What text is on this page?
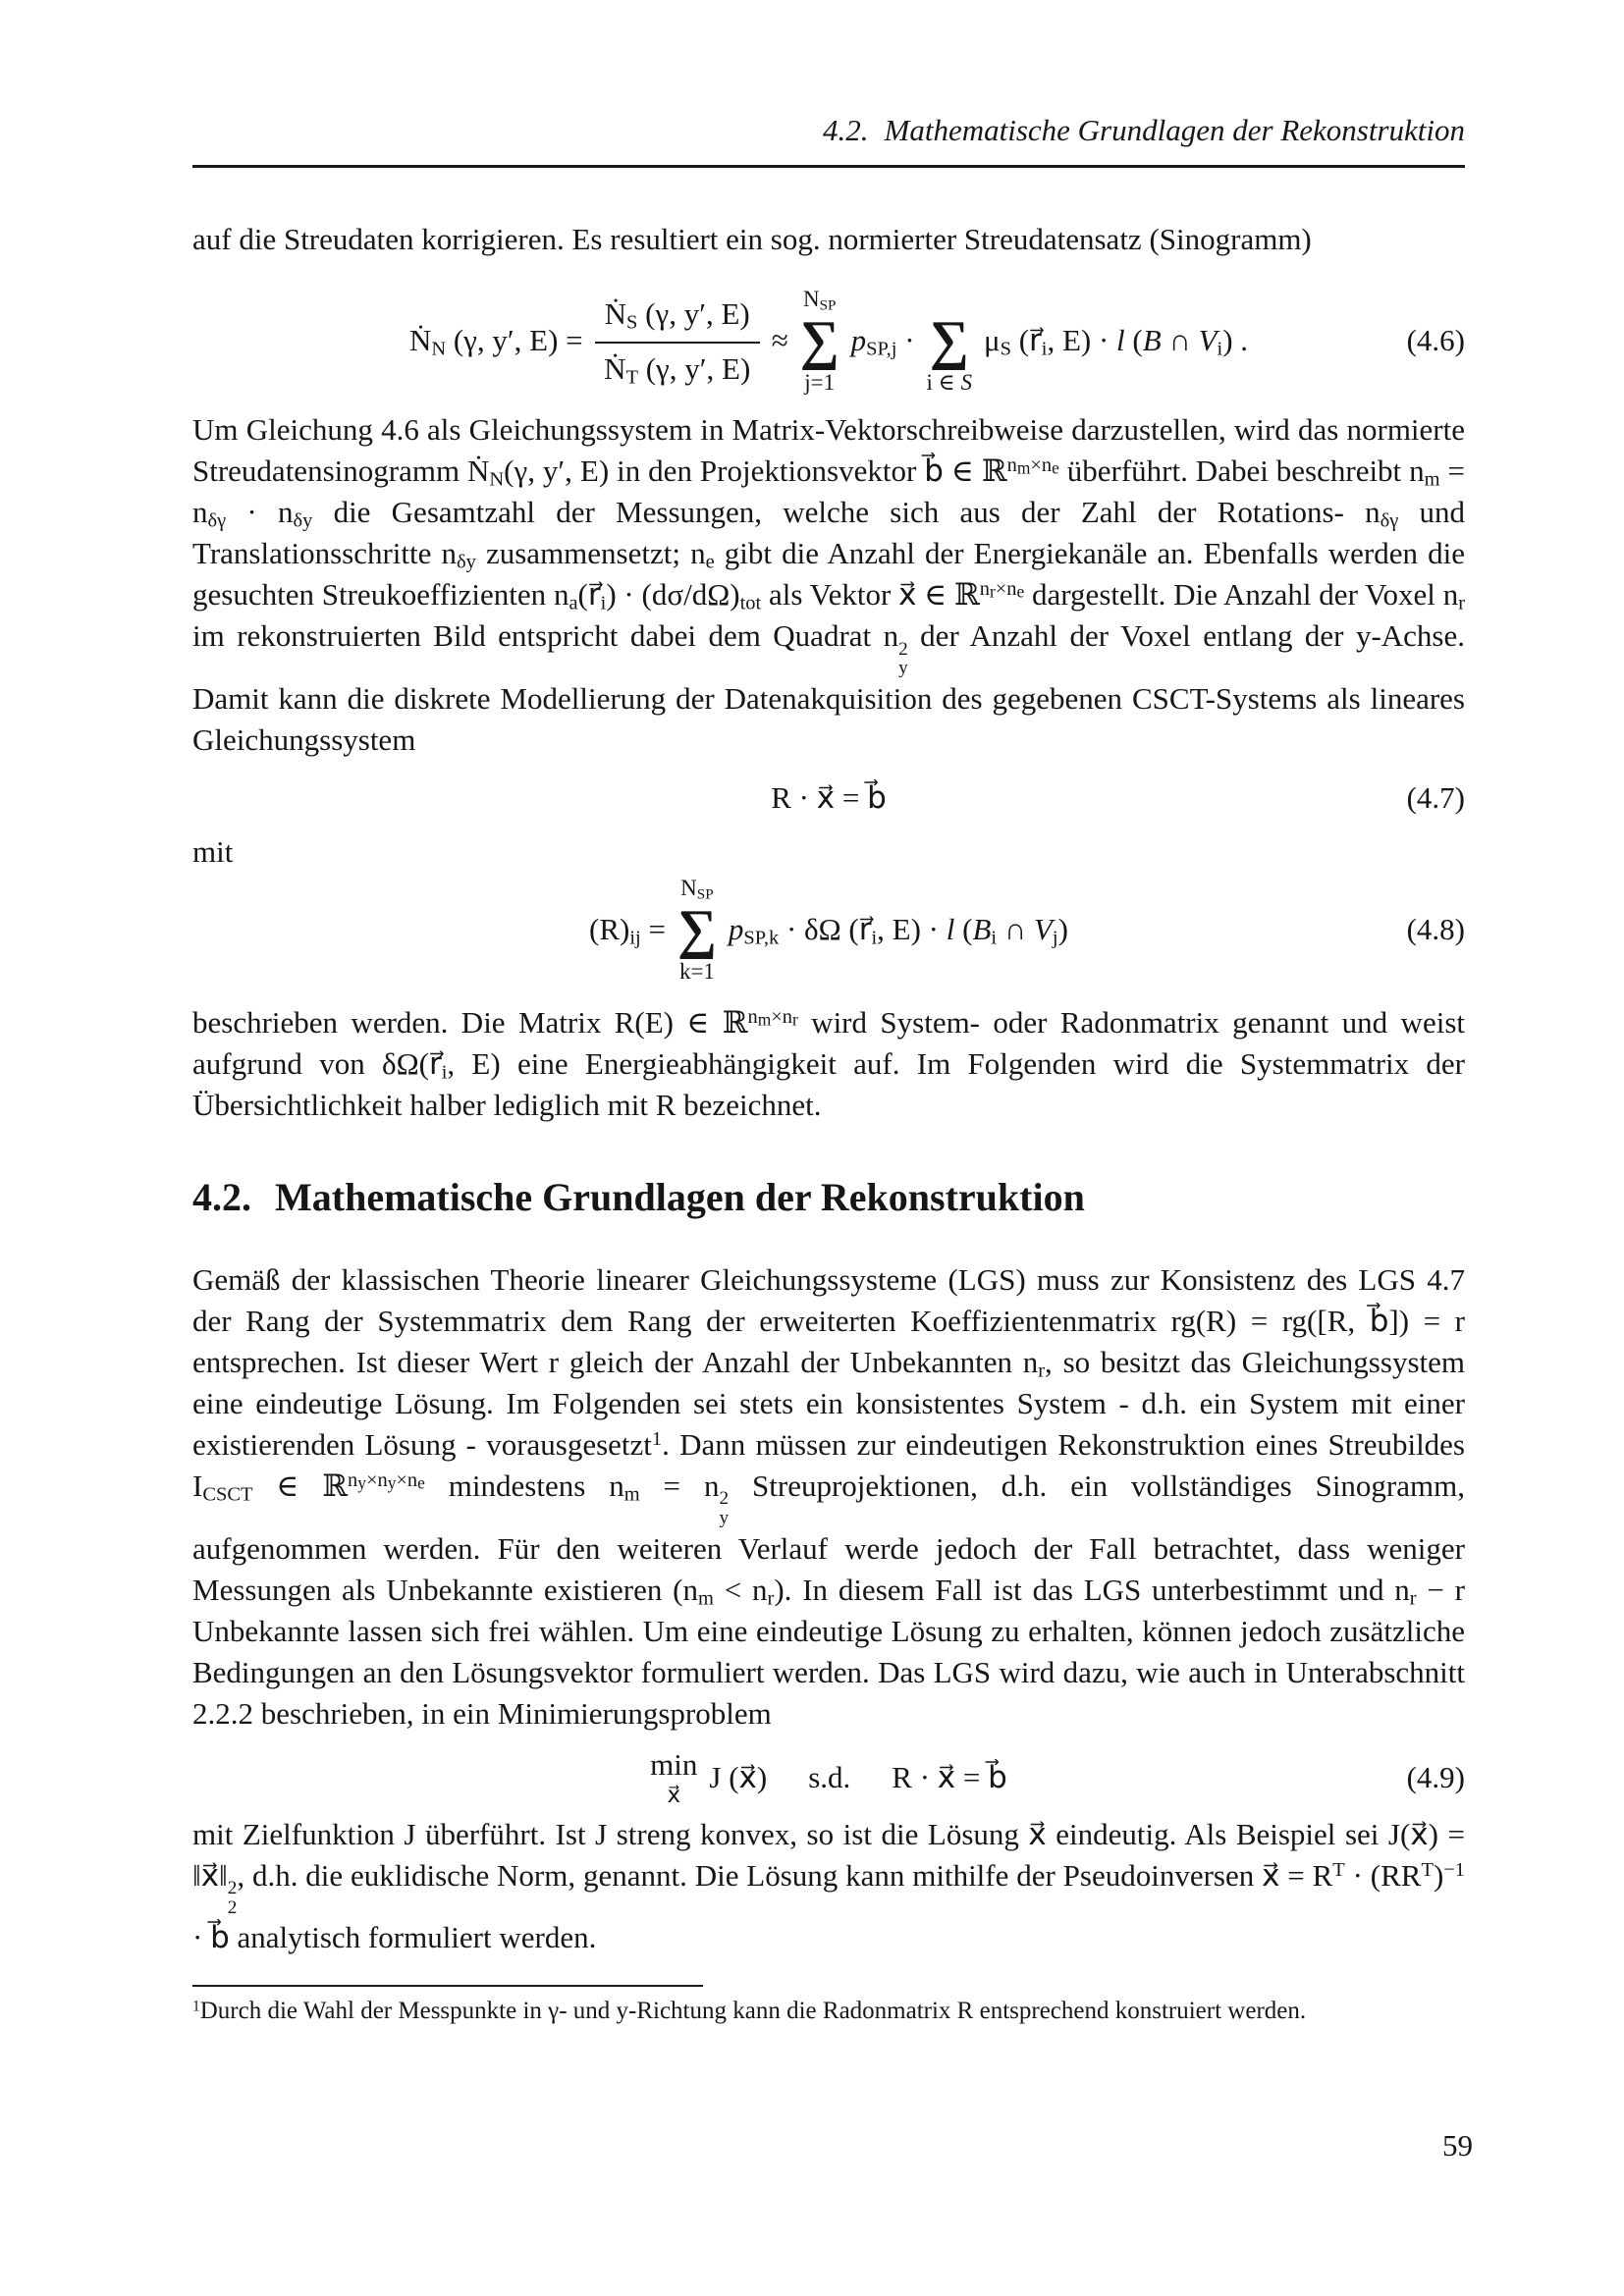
4.2. Mathematische Grundlagen der Rekonstruktion

auf die Streudaten korrigieren. Es resultiert ein sog. normierter Streudatensatz (Sinogramm)

Ṅ$_N$ (γ, y′, $E) = \frac{Ṅ_S (\gamma, y', E)}{Ṅ_T (\gamma, y', E)}$ ≈
$N_{SP}$
∑
j=1
$p_{SP,j}$ ·
∑
i ∈ S
$\mu_S$ ($r⃗_i$, E) · l (B ∩ $V_i$) .	(4.6)

Um Gleichung 4.6 als Gleichungssystem in Matrix-Vektorschreibweise darzustellen, wird das normierte Streudatensinogramm Ṅ$_N$(γ, y′, E) in den Projektionsvektor b⃗ ∈ ℝ$^{n_m\times n_e}$ überführt. Dabei beschreibt $n_m = n_{\delta\gamma} \cdot n_{\delta y}$ die Gesamtzahl der Messungen, welche sich aus der Zahl der Rotations- $n_{\delta\gamma}$ und Translationsschritte $n_{\delta y}$ zusammensetzt; $n_e$ gibt die Anzahl der Energiekanäle an. Ebenfalls werden die gesuchten Streukoeffizienten $n_a(r⃗_i) \cdot (d\sigma/d\Omega)_{tot}$ als Vektor x⃗ ∈ ℝ$^{n_r\times n_e}$ dargestellt. Die Anzahl der Voxel $n_r$ im rekonstruierten Bild entspricht dabei dem Quadrat n 2
y
der Anzahl der Voxel entlang der y-Achse. Damit kann die diskrete Modellierung der Datenakquisition des gegebenen CSCT-Systems als lineares Gleichungssystem

R · x⃗ = b⃗	(4.7)

mit

$(R)_{ij}$ =
$N_{SP}$
∑
k=1
$p_{SP,k} \cdot \delta\Omega$ ($r⃗_i$, E) · l ($B_i$ ∩ $V_j$)	(4.8)

beschrieben werden. Die Matrix R(E) ∈ ℝ$^{n_m\times n_r}$ wird System- oder Radonmatrix genannt und weist aufgrund von $\delta\Omega(r⃗_i$, E) eine Energieabhängigkeit auf. Im Folgenden wird die Systemmatrix der Übersichtlichkeit halber lediglich mit R bezeichnet.

4.2. Mathematische Grundlagen der Rekonstruktion

Gemäß der klassischen Theorie linearer Gleichungssysteme (LGS) muss zur Konsistenz des LGS 4.7 der Rang der Systemmatrix dem Rang der erweiterten Koeffizientenmatrix rg(R) = rg([R, b⃗]) = r entsprechen. Ist dieser Wert r gleich der Anzahl der Unbekannten $n_r$, so besitzt das Gleichungssystem eine eindeutige Lösung. Im Folgenden sei stets ein konsistentes System - d.h. ein System mit einer existierenden Lösung - vorausgesetzt$^1$. Dann müssen zur eindeutigen Rekonstruktion eines Streubildes $I_{CSCT}$ ∈ ℝ$^{n_y\times n_y\times n_e}$ mindestens $n_m = n$ 2
y
Streuprojektionen, d.h. ein vollständiges Sinogramm, aufgenommen werden. Für den weiteren Verlauf werde jedoch der Fall betrachtet, dass weniger Messungen als Unbekannte existieren $(n_m < n_r)$. In diesem Fall ist das LGS unterbestimmt und $n_r - r$ Unbekannte lassen sich frei wählen. Um eine eindeutige Lösung zu erhalten, können jedoch zusätzliche Bedingungen an den Lösungsvektor formuliert werden. Das LGS wird dazu, wie auch in Unterabschnitt 2.2.2 beschrieben, in ein Minimierungsproblem

min
x⃗ J (x⃗) s.d. R · x⃗ = b⃗	(4.9)

mit Zielfunktion J überführt. Ist J streng konvex, so ist die Lösung x⃗ eindeutig. Als Beispiel sei J(x⃗) = ‖x⃗‖ 2
2
, d.h. die euklidische Norm, genannt. Die Lösung kann mithilfe der Pseudoinversen x⃗ = $R^T \cdot (RR^T)^{-1}$ · b⃗ analytisch formuliert werden.

$^1$Durch die Wahl der Messpunkte in γ- und y-Richtung kann die Radonmatrix R entsprechend konstruiert werden.

59
